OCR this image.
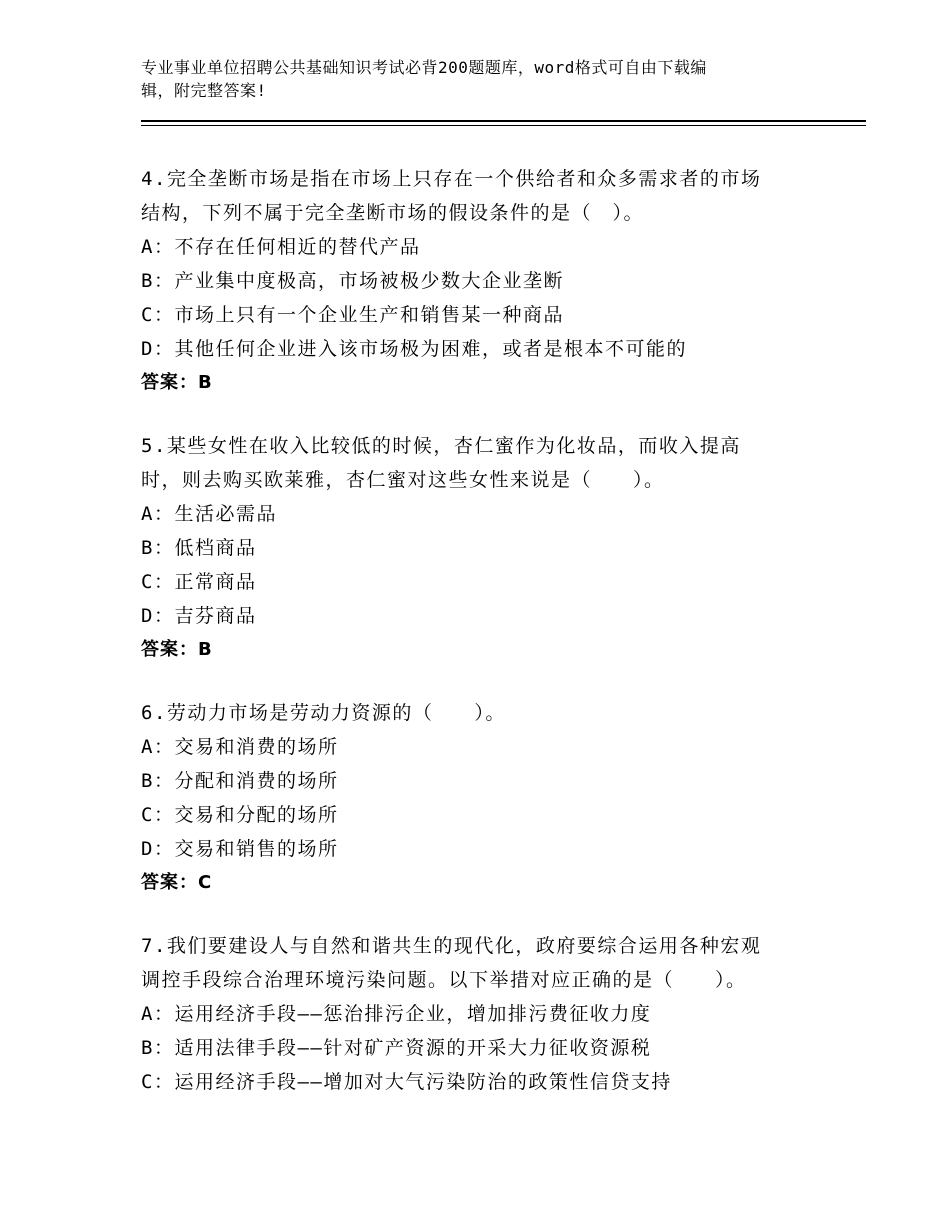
专业事业单位招聘公共基础知识考试必背200题题库，word格式可自由下载编
辑，附完整答案!
4.完全垄断市场是指在市场上只存在一个供给者和众多需求者的市场
结构，下列不属于完全垄断市场的假设条件的是（　）。
A：不存在任何相近的替代产品
B：产业集中度极高，市场被极少数大企业垄断
C：市场上只有一个企业生产和销售某一种商品
D：其他任何企业进入该市场极为困难，或者是根本不可能的
答案：B
5.某些女性在收入比较低的时候，杏仁蜜作为化妆品，而收入提高
时，则去购买欧莱雅，杏仁蜜对这些女性来说是（　　）。
A：生活必需品
B：低档商品
C：正常商品
D：吉芬商品
答案：B
6.劳动力市场是劳动力资源的（　　）。
A：交易和消费的场所
B：分配和消费的场所
C：交易和分配的场所
D：交易和销售的场所
答案：C
7.我们要建设人与自然和谐共生的现代化，政府要综合运用各种宏观
调控手段综合治理环境污染问题。以下举措对应正确的是（　　）。
A：运用经济手段——惩治排污企业，增加排污费征收力度
B：适用法律手段——针对矿产资源的开采大力征收资源税
C：运用经济手段——增加对大气污染防治的政策性信贷支持
